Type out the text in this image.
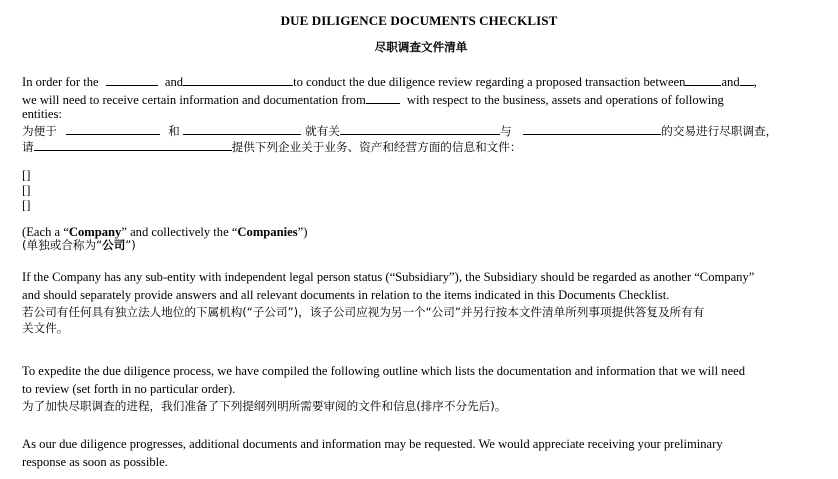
DUE DILIGENCE DOCUMENTS CHECKLIST
尽职调查文件清单
In order for the	and	to conduct the due diligence review regarding a proposed transaction between	and ,
we will need to receive certain information and documentation from	with respect to the business, assets and operations of following
entities:
为便于	和	就有关	与	的交易进行尽职调查，
请	提供下列企业关于业务、资产和经营方面的信息和文件：
[]
[]
[]
(Each a “Company” and collectively the “Companies”)
(单独或合称为“公司”)
If the Company has any sub-entity with independent legal person status (“Subsidiary”), the Subsidiary should be regarded as another “Company”
and should separately provide answers and all relevant documents in relation to the items indicated in this Documents Checklist.
若公司有任何具有独立法人地位的下属机构(“子公司”)，该子公司应视为另一个“公司”并另行按本文件清单所列事项提供答复及所有有
关文件。
To expedite the due diligence process, we have compiled the following outline which lists the documentation and information that we will need
to review (set forth in no particular order).
为了加快尽职调查的进程，我们准备了下列提纲列明所需要审阅的文件和信息(排序不分先后)。
As our due diligence progresses, additional documents and information may be requested. We would appreciate receiving your preliminary
response as soon as possible.
